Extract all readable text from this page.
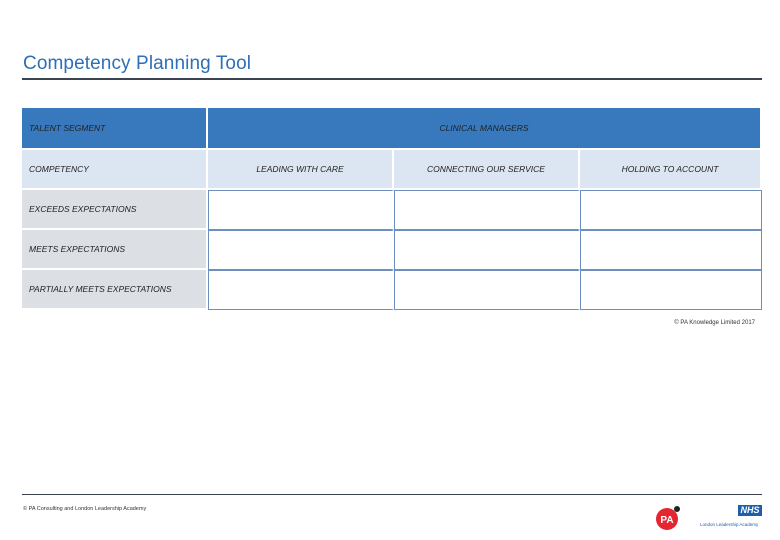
Competency Planning Tool
TALENT SEGMENT	CLINICAL MANAGERS		
COMPETENCY	LEADING WITH CARE	CONNECTING OUR SERVICE	HOLDING TO ACCOUNT
EXCEEDS EXPECTATIONS			
MEETS EXPECTATIONS			
PARTIALLY MEETS EXPECTATIONS			
© PA Knowledge Limited 2017
© PA Consulting and London Leadership Academy
PA
NHS
London Leadership Academy
